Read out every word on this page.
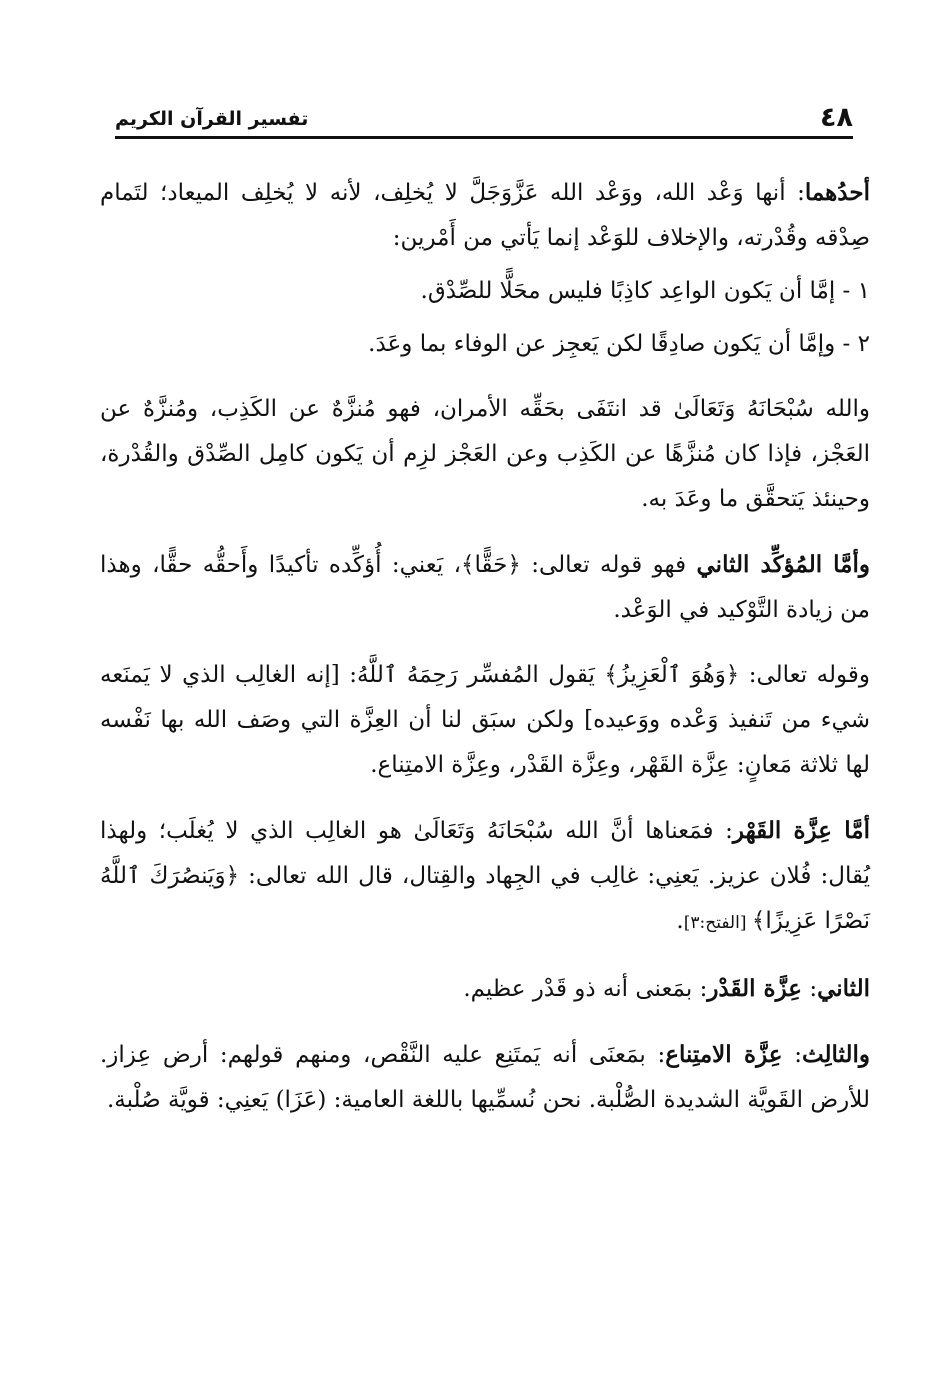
٤٨
تفسير القرآن الكريم

أحدُهما: أنها وَعْد الله، ووَعْد الله عَزَّوَجَلَّ لا يُخلِف، لأنه لا يُخلِف الميعاد؛ لتَمام صِدْقه وقُدْرته، والإخلاف للوَعْد إنما يَأتي من أَمْرين:

١ - إمَّا أن يَكون الواعِد كاذِبًا فليس محَلًّا للصِّدْق.

٢ - وإمَّا أن يَكون صادِقًا لكن يَعجِز عن الوفاء بما وعَدَ.

والله سُبْحَانَهُ وَتَعَالَىٰ قد انتَفَى بحَقِّه الأمران، فهو مُنزَّهٌ عن الكَذِب، ومُنزَّهٌ عن العَجْز، فإذا كان مُنزَّهًا عن الكَذِب وعن العَجْز لزِم أن يَكون كامِل الصِّدْق والقُدْرة، وحينئذ يَتحقَّق ما وعَدَ به.

وأمَّا المُؤكِّد الثاني فهو قوله تعالى: ﴿حَقًّا﴾، يَعني: أُؤكِّده تأكيدًا وأَحقُّه حقًّا، وهذا من زيادة التَّوْكيد في الوَعْد.

وقوله تعالى: ﴿وَهُوَ ٱلْعَزِيزُ﴾ يَقول المُفسِّر رَحِمَهُ ٱللَّهُ: [إنه الغالِب الذي لا يَمنَعه شيء من تَنفيذ وَعْده ووَعيده] ولكن سبَق لنا أن العِزَّة التي وصَف الله بها نَفْسه لها ثلاثة مَعانٍ: عِزَّة القَهْر، وعِزَّة القَدْر، وعِزَّة الامتِناع.

أمَّا عِزَّة القَهْر: فمَعناها أنَّ الله سُبْحَانَهُ وَتَعَالَىٰ هو الغالِب الذي لا يُغلَب؛ ولهذا يُقال: فُلان عزيز. يَعنِي: غالِب في الجِهاد والقِتال، قال الله تعالى: ﴿وَيَنصُرَكَ ٱللَّهُ نَصْرًا عَزِيزًا﴾ [الفتح:٣].

الثاني: عِزَّة القَدْر: بمَعنى أنه ذو قَدْر عظيم.

والثالِث: عِزَّة الامتِناع: بمَعنَى أنه يَمتَنِع عليه النَّقْص، ومنهم قولهم: أرض عِزاز. للأرض القَويَّة الشديدة الصُّلْبة. نحن نُسمِّيها باللغة العامية: (عَزَا) يَعنِي: قويَّة صُلْبة.
